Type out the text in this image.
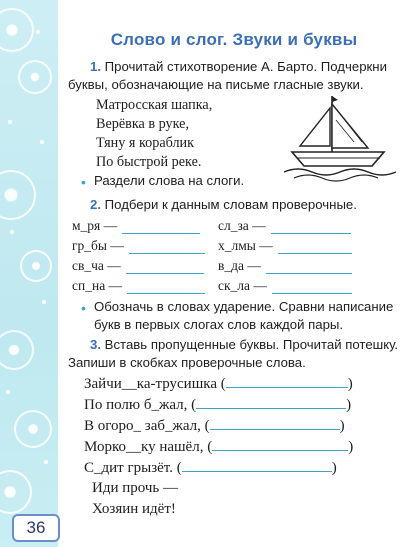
36
Слово и слог. Звуки и буквы

1. Прочитай стихотворение А. Барто. Подчеркни буквы, обозначающие на письме гласные звуки.

Матросская шапка,
Верёвка в руке,
Тяну я кораблик
По быстрой реке.

• Раздели слова на слоги.

2. Подбери к данным словам проверочные.

м_ря —	сл_за —
гр_бы —	х_лмы —
св_ча —	в_да —
сп_на —	ск_ла —

• Обозначь в словах ударение. Сравни написание букв в первых слогах слов каждой пары.

3. Вставь пропущенные буквы. Прочитай потешку. Запиши в скобках проверочные слова.

Зайчи__ка-трусишка (	)
По полю б_жал, (	)
В огоро_ заб_жал, (	)
Морко__ку нашёл, (	)
С_дит грызёт. (	)
Иди прочь —
Хозяин идёт!
